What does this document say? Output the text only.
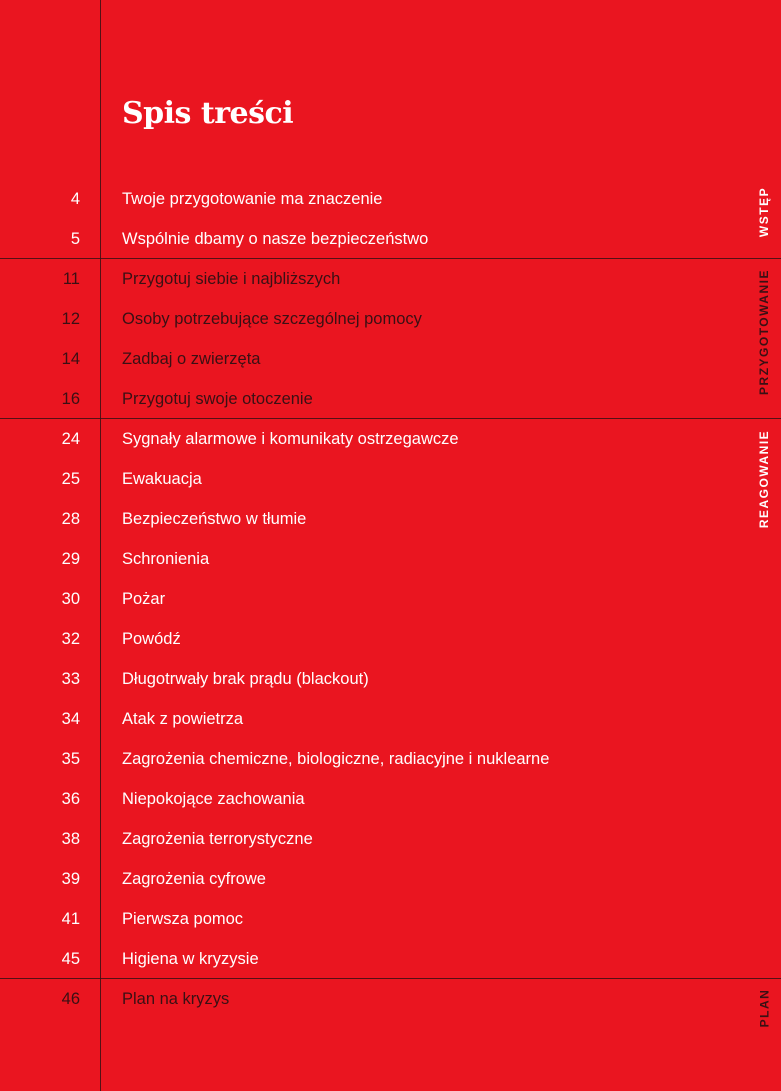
Spis treści
4	Twoje przygotowanie ma znaczenie
5	Wspólnie dbamy o nasze bezpieczeństwo
11	Przygotuj siebie i najbliższych
12	Osoby potrzebujące szczególnej pomocy
14	Zadbaj o zwierzęta
16	Przygotuj swoje otoczenie
24	Sygnały alarmowe i komunikaty ostrzegawcze
25	Ewakuacja
28	Bezpieczeństwo w tłumie
29	Schronienia
30	Pożar
32	Powódź
33	Długotrwały brak prądu (blackout)
34	Atak z powietrza
35	Zagrożenia chemiczne, biologiczne, radiacyjne i nuklearne
36	Niepokojące zachowania
38	Zagrożenia terrorystyczne
39	Zagrożenia cyfrowe
41	Pierwsza pomoc
45	Higiena w kryzysie
46	Plan na kryzys
WSTĘP
PRZYGOTOWANIE
REAGOWANIE
PLAN
